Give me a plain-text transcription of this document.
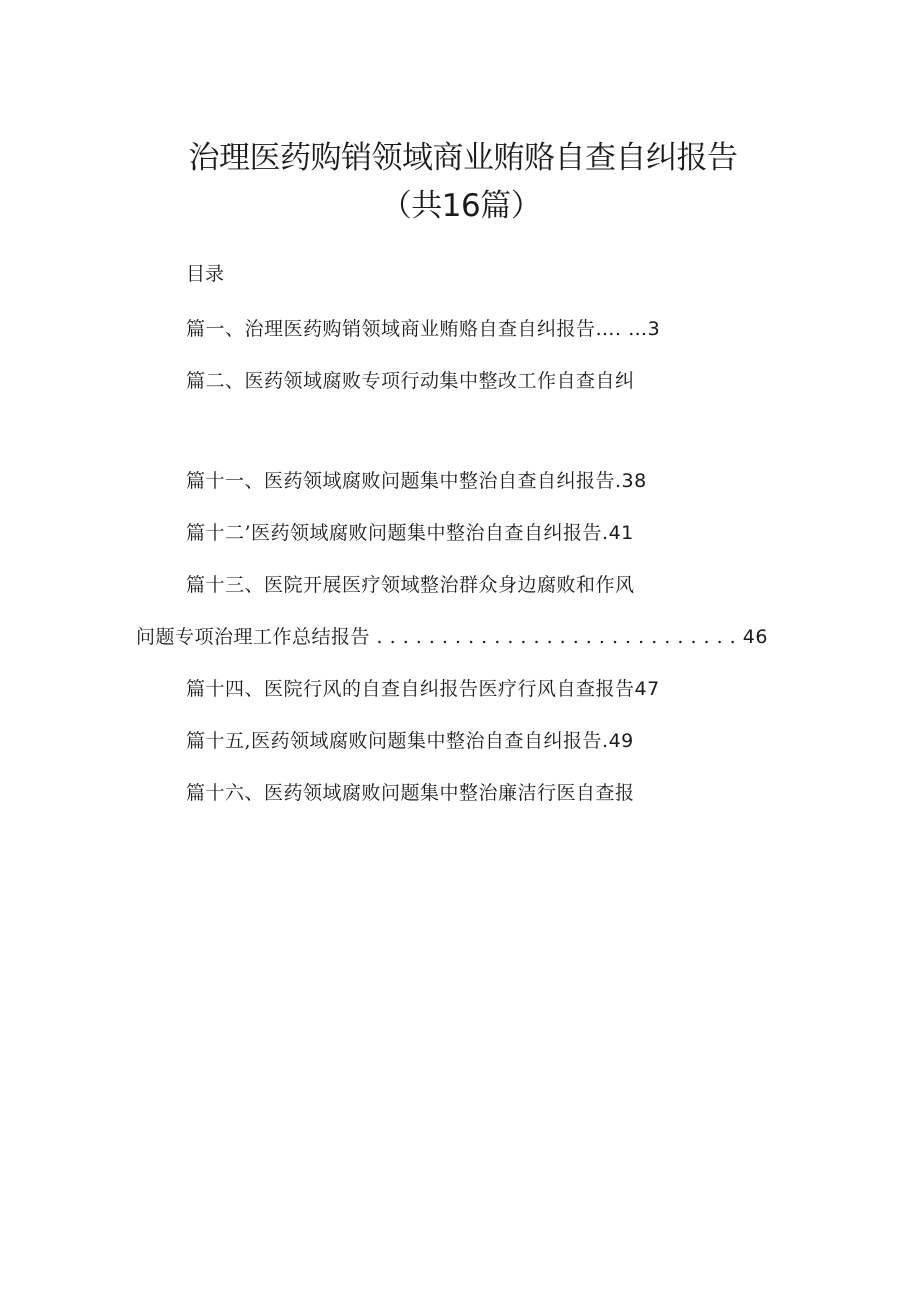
治理医药购销领域商业贿赂自查自纠报告
（共16篇）
目录
篇一、治理医药购销领域商业贿赂自查自纠报告…. …3
篇二、医药领域腐败专项行动集中整改工作自查自纠
篇十一、医药领域腐败问题集中整治自查自纠报告.38
篇十二’医药领域腐败问题集中整治自查自纠报告.41
篇十三、医院开展医疗领域整治群众身边腐败和作风
问题专项治理工作总结报告 . . . . . . . . . . . . . . . . . . . . . . . . . . . . 46
篇十四、医院行风的自查自纠报告医疗行风自查报告47
篇十五,医药领域腐败问题集中整治自查自纠报告.49
篇十六、医药领域腐败问题集中整治廉洁行医自查报
